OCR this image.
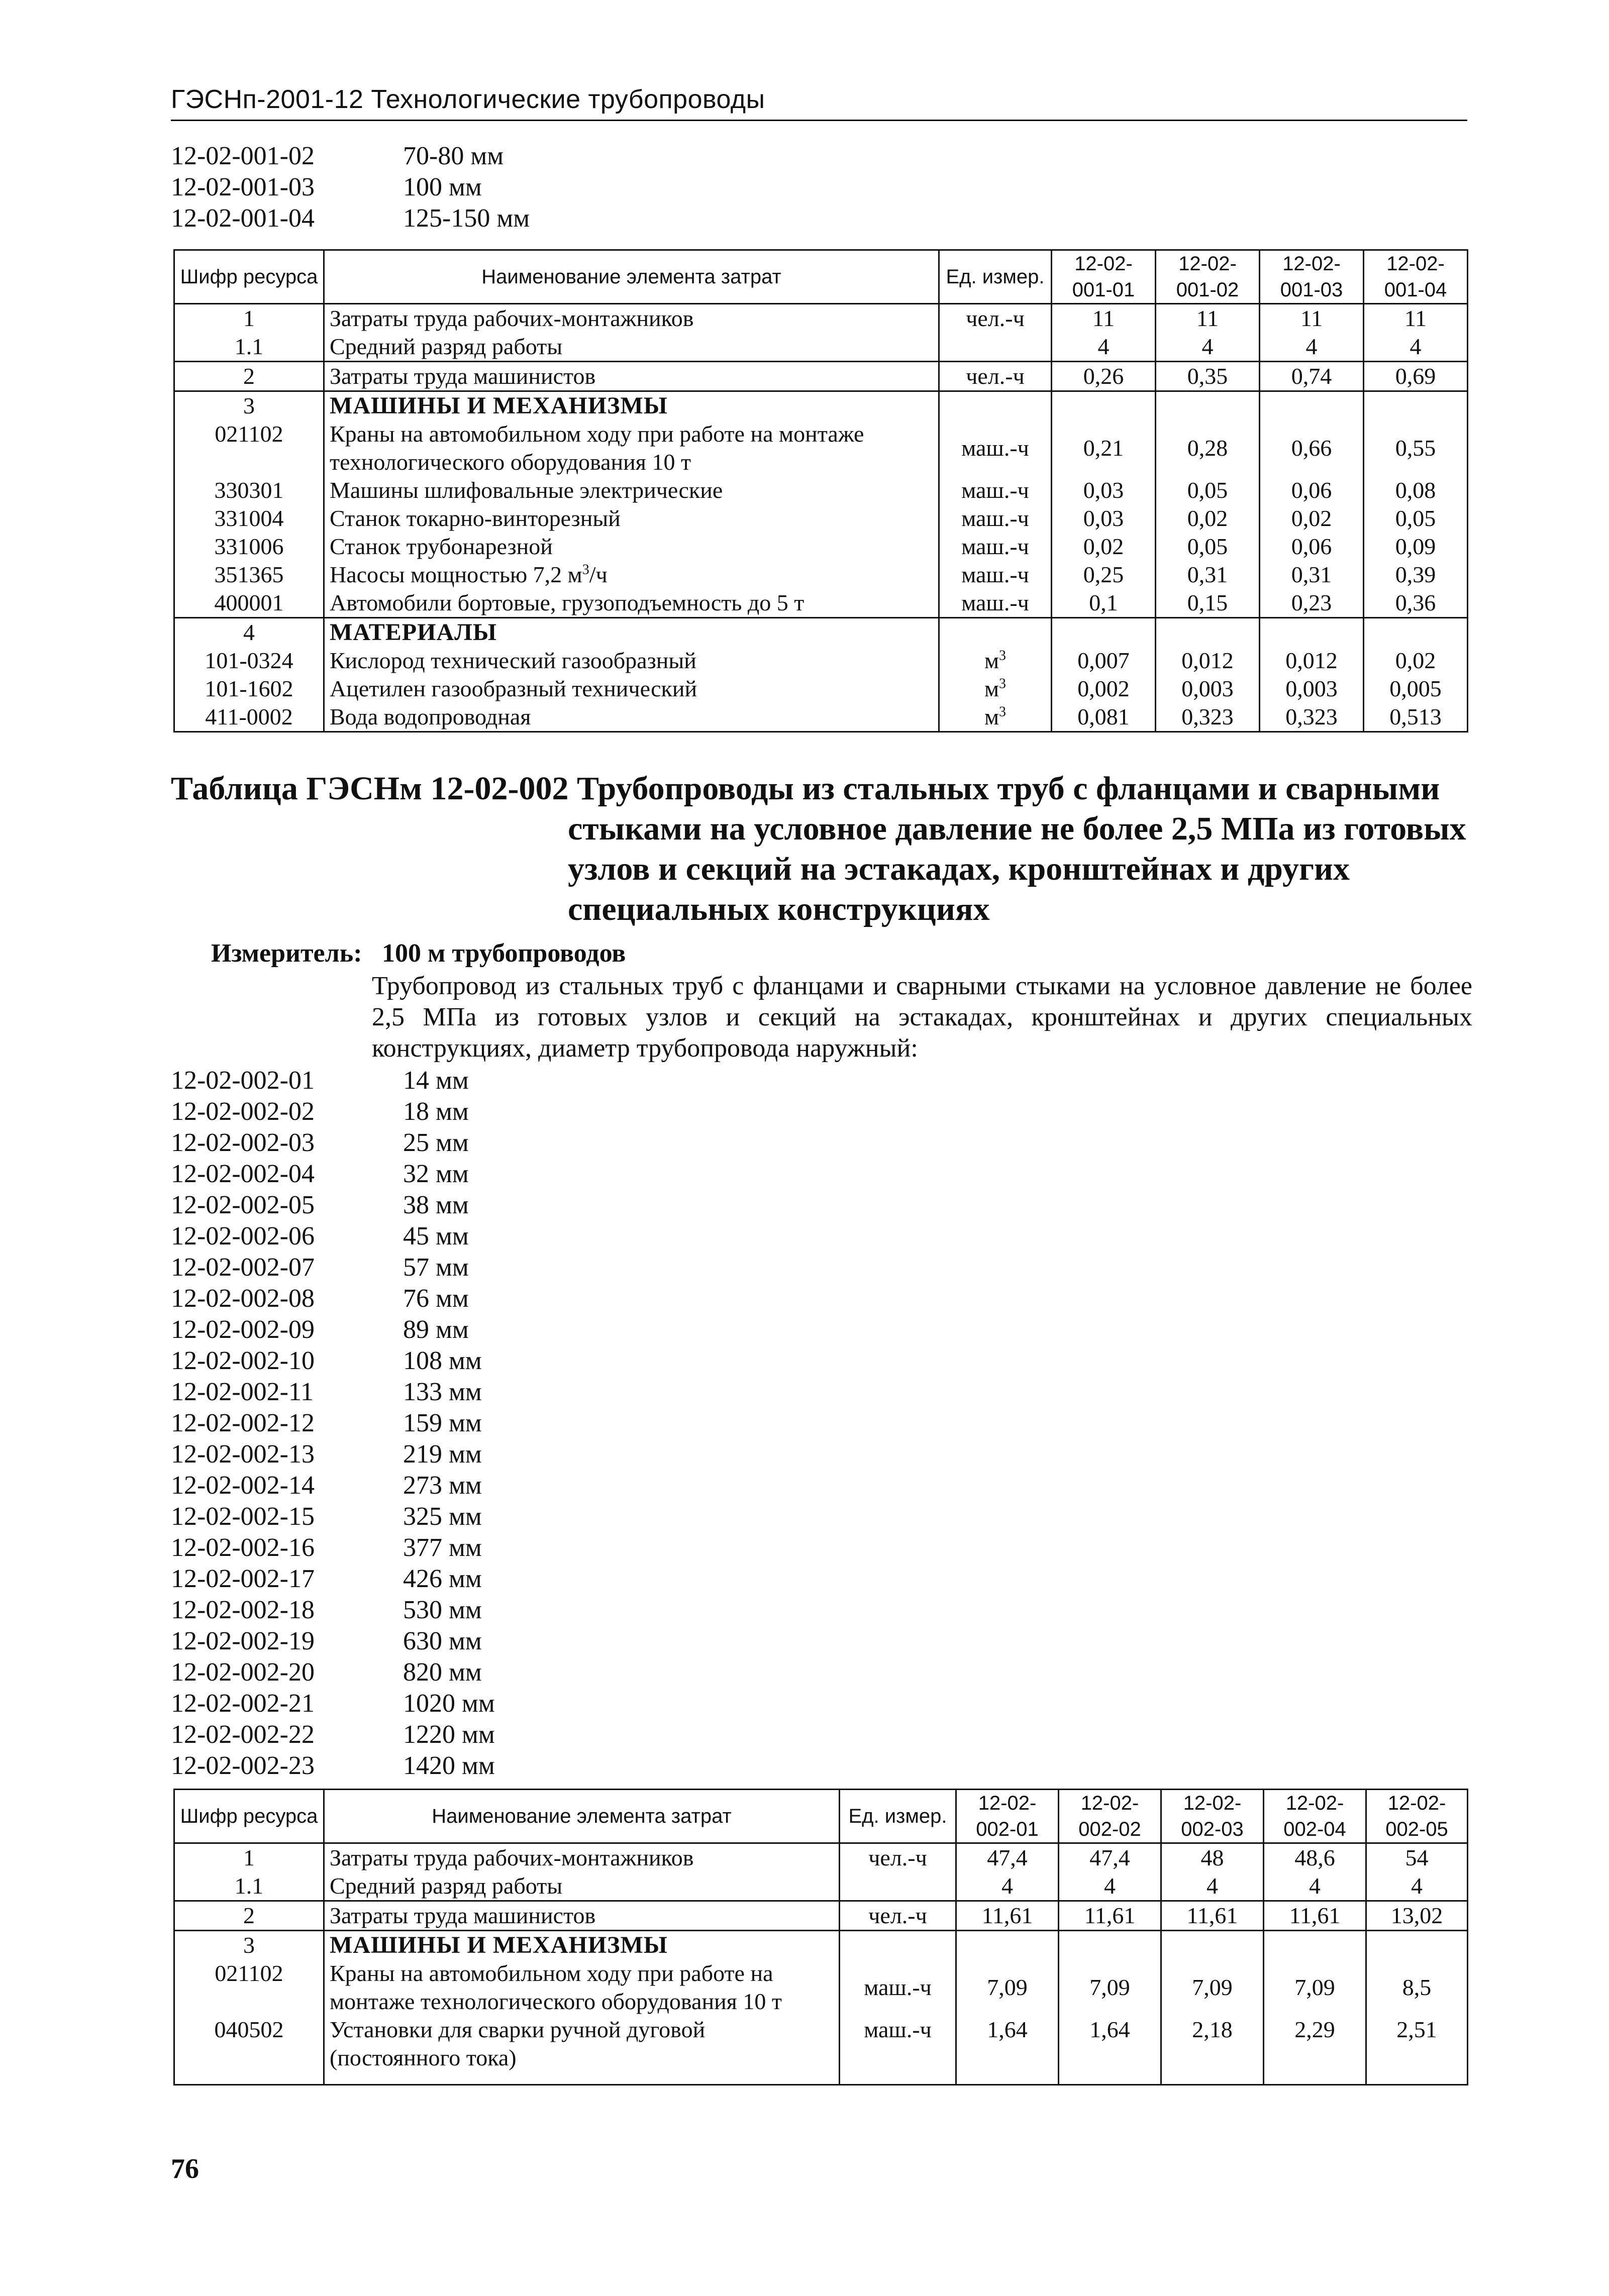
ГЭСНп-2001-12 Технологические трубопроводы
12-02-001-02	70-80 мм
12-02-001-03	100 мм
12-02-001-04	125-150 мм
Шифр ресурса	Наименование элемента затрат	Ед. измер.	12-02-001-01	12-02-001-02	12-02-001-03	12-02-001-04
1	Затраты труда рабочих-монтажников	чел.-ч	11	11	11	11
1.1	Средний разряд работы		4	4	4	4
2	Затраты труда машинистов	чел.-ч	0,26	0,35	0,74	0,69
3	МАШИНЫ И МЕХАНИЗМЫ					
021102	Краны на автомобильном ходу при работе на монтаже технологического оборудования 10 т	маш.-ч	0,21	0,28	0,66	0,55
330301	Машины шлифовальные электрические	маш.-ч	0,03	0,05	0,06	0,08
331004	Станок токарно-винторезный	маш.-ч	0,03	0,02	0,02	0,05
331006	Станок трубонарезной	маш.-ч	0,02	0,05	0,06	0,09
351365	Насосы мощностью 7,2 $м^3/ч$	маш.-ч	0,25	0,31	0,31	0,39
400001	Автомобили бортовые, грузоподъемность до 5 т	маш.-ч	0,1	0,15	0,23	0,36
4	МАТЕРИАЛЫ					
101-0324	Кислород технический газообразный	$м^3$	0,007	0,012	0,012	0,02
101-1602	Ацетилен газообразный технический	$м^3$	0,002	0,003	0,003	0,005
411-0002	Вода водопроводная	$м^3$	0,081	0,323	0,323	0,513
Таблица ГЭСНм 12-02-002 Трубопроводы из стальных труб с фланцами и сварными
стыками на условное давление не более 2,5 МПа из готовых узлов и секций на эстакадах, кронштейнах и других специальных конструкциях
Измеритель: 100 м трубопроводов
Трубопровод из стальных труб с фланцами и сварными стыками на условное давление не более 2,5 МПа из готовых узлов и секций на эстакадах, кронштейнах и других специальных конструкциях, диаметр трубопровода наружный:
12-02-002-01	14 мм
12-02-002-02	18 мм
12-02-002-03	25 мм
12-02-002-04	32 мм
12-02-002-05	38 мм
12-02-002-06	45 мм
12-02-002-07	57 мм
12-02-002-08	76 мм
12-02-002-09	89 мм
12-02-002-10	108 мм
12-02-002-11	133 мм
12-02-002-12	159 мм
12-02-002-13	219 мм
12-02-002-14	273 мм
12-02-002-15	325 мм
12-02-002-16	377 мм
12-02-002-17	426 мм
12-02-002-18	530 мм
12-02-002-19	630 мм
12-02-002-20	820 мм
12-02-002-21	1020 мм
12-02-002-22	1220 мм
12-02-002-23	1420 мм
Шифр ресурса	Наименование элемента затрат	Ед. измер.	12-02-002-01	12-02-002-02	12-02-002-03	12-02-002-04	12-02-002-05
1	Затраты труда рабочих-монтажников	чел.-ч	47,4	47,4	48	48,6	54
1.1	Средний разряд работы		4	4	4	4	4
2	Затраты труда машинистов	чел.-ч	11,61	11,61	11,61	11,61	13,02
3	МАШИНЫ И МЕХАНИЗМЫ						
021102	Краны на автомобильном ходу при работе на монтаже технологического оборудования 10 т	маш.-ч	7,09	7,09	7,09	7,09	8,5
040502	Установки для сварки ручной дуговой (постоянного тока)	маш.-ч	1,64	1,64	2,18	2,29	2,51
76
